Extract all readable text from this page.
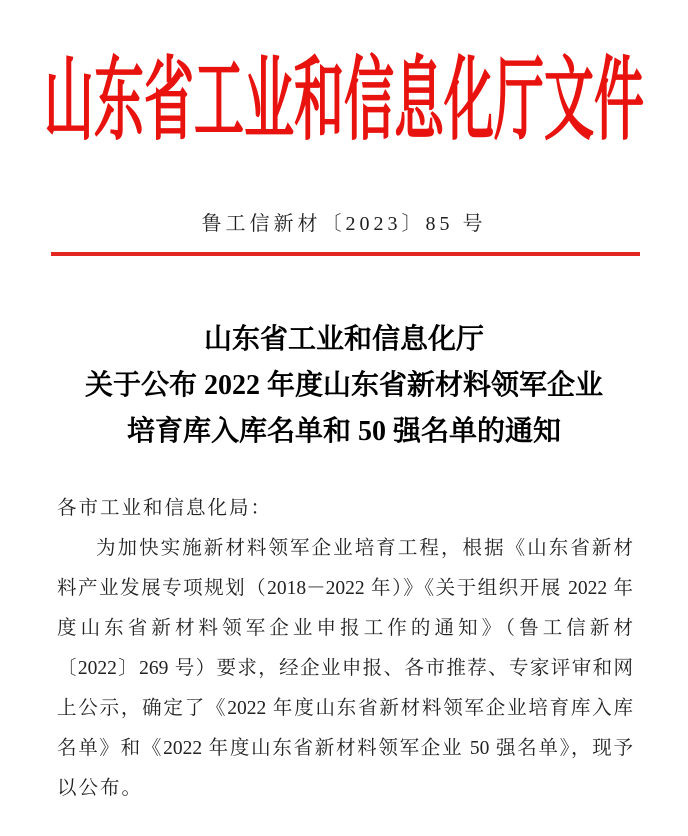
山东省工业和信息化厅文件
鲁工信新材〔2023〕85 号
山东省工业和信息化厅
关于公布 2022 年度山东省新材料领军企业
培育库入库名单和 50 强名单的通知
各市工业和信息化局：
为加快实施新材料领军企业培育工程，根据《山东省新材
料产业发展专项规划（2018－2022 年）》《关于组织开展 2022 年
度山东省新材料领军企业申报工作的通知》（鲁工信新材
〔2022〕269 号）要求，经企业申报、各市推荐、专家评审和网
上公示，确定了《2022 年度山东省新材料领军企业培育库入库
名单》和《2022 年度山东省新材料领军企业 50 强名单》，现予
以公布。
